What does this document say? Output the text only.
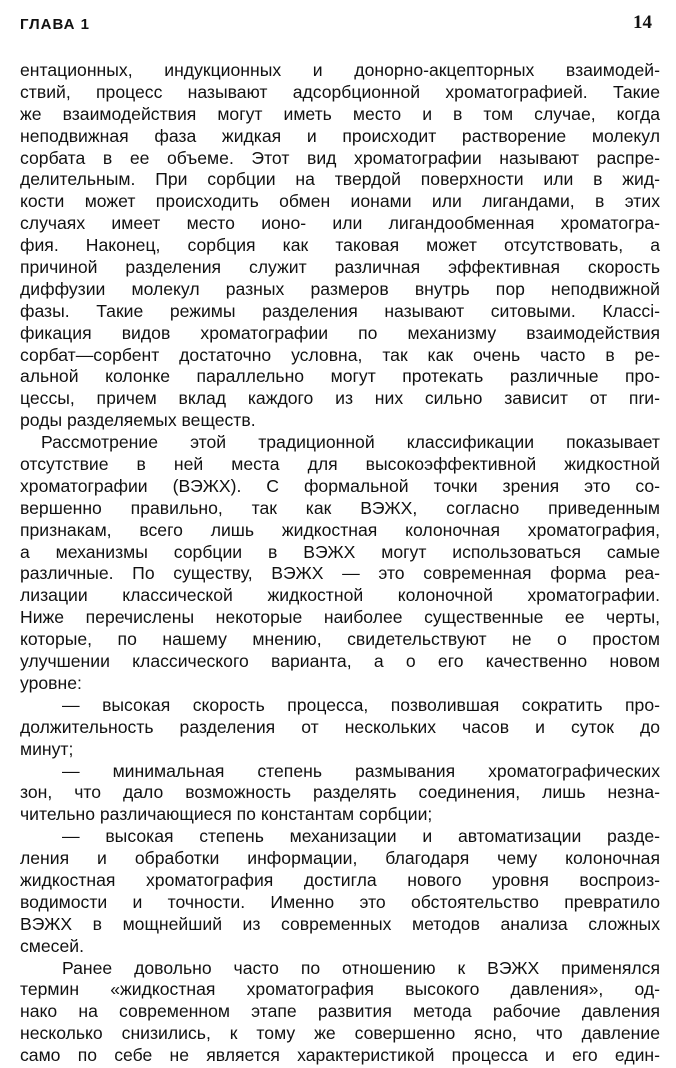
ГЛАВА 1	14
ентационных, индукционных и донорно-акцепторных взаимодей-
ствий, процесс называют адсорбционной хроматографией. Такие
же взаимодействия могут иметь место и в том случае, когда
неподвижная фаза жидкая и происходит растворение молекул
сорбата в ее объеме. Этот вид хроматографии называют распре-
делительным. При сорбции на твердой поверхности или в жид-
кости может происходить обмен ионами или лигандами, в этих
случаях имеет место ионо- или лигандообменная хроматогра-
фия. Наконец, сорбция как таковая может отсутствовать, а
причиной разделения служит различная эффективная скорость
диффузии молекул разных размеров внутрь пор неподвижной
фазы. Такие режимы разделения называют ситовыми. Классi-
фикация видов хроматографии по механизму взаимодействия
сорбат—сорбент достаточно условна, так как очень часто в ре-
альной колонке параллельно могут протекать различные про-
цессы, причем вклад каждого из них сильно зависит от пrи-
роды разделяемых веществ.
Рассмотрение этой традиционной классификации показывает
отсутствие в ней места для высокоэффективной жидкостной
хроматографии (ВЭЖХ). С формальной точки зрения это со-
вершенно правильно, так как ВЭЖХ, согласно приведенным
признакам, всего лишь жидкостная колоночная хроматография,
а механизмы сорбции в ВЭЖХ могут использоваться самые
различные. По существу, ВЭЖХ — это современная форма реа-
лизации классической жидкостной колоночной хроматографии.
Ниже перечислены некоторые наиболее существенные ее черты,
которые, по нашему мнению, свидетельствуют не о простом
улучшении классического варианта, а о его качественно новом
уровне:
— высокая скорость процесса, позволившая сократить про-
должительность разделения от нескольких часов и суток до
минут;
— минимальная степень размывания хроматографических
зон, что дало возможность разделять соединения, лишь незна-
чительно различающиеся по константам сорбции;
— высокая степень механизации и автоматизации разде-
ления и обработки информации, благодаря чему колоночная
жидкостная хроматография достигла нового уровня воспроиз-
водимости и точности. Именно это обстоятельство превратило
ВЭЖХ в мощнейший из современных методов анализа сложных
смесей.
Ранее довольно часто по отношению к ВЭЖХ применялся
термин «жидкостная хроматография высокого давления», од-
нако на современном этапе развития метода рабочие давления
несколько снизились, к тому же совершенно ясно, что давление
само по себе не является характеристикой процесса и его един-
